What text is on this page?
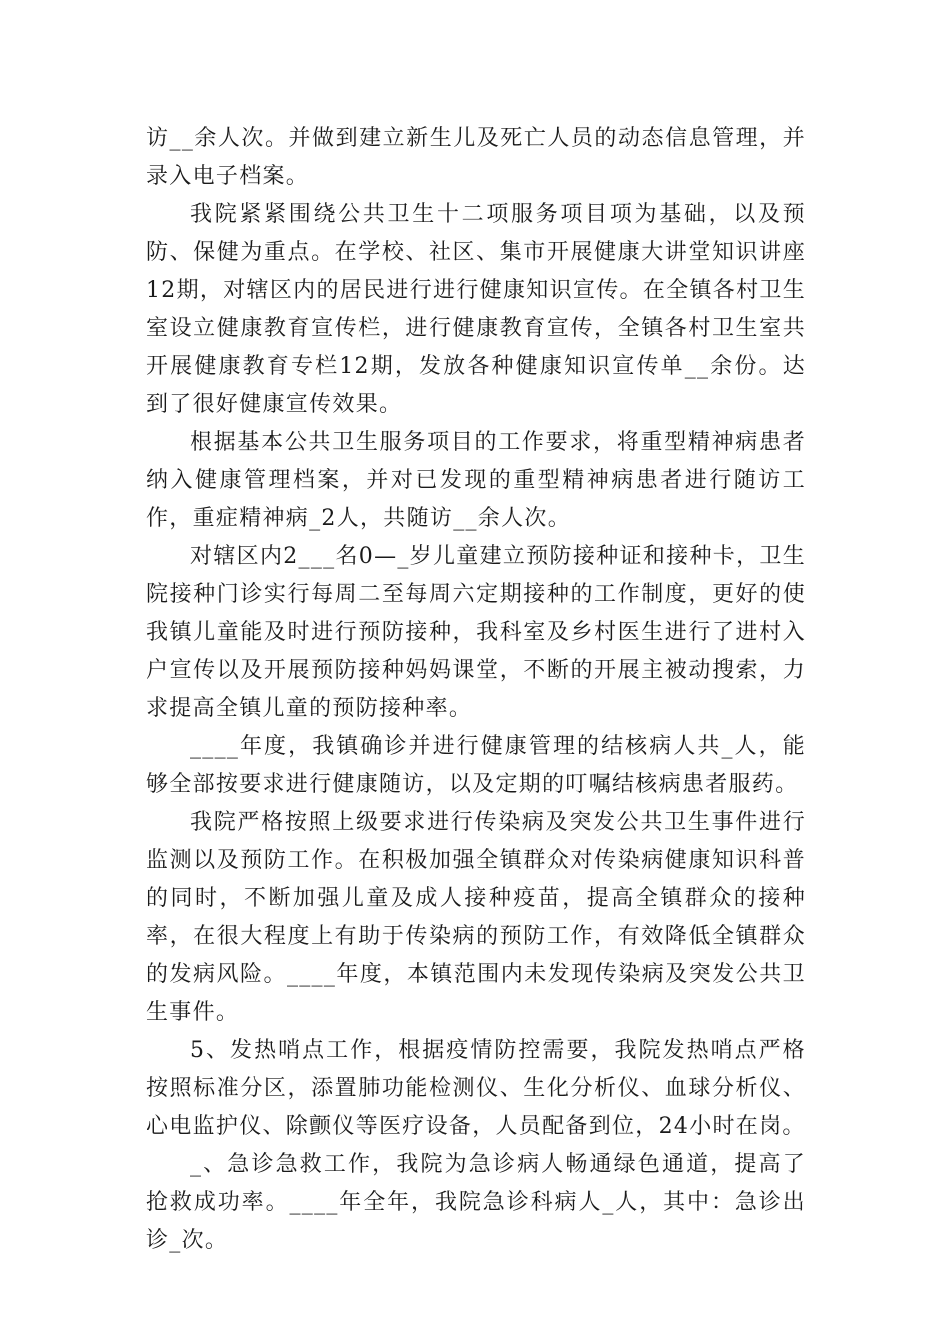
访__余人次。并做到建立新生儿及死亡人员的动态信息管理，并录入电子档案。

我院紧紧围绕公共卫生十二项服务项目项为基础，以及预防、保健为重点。在学校、社区、集市开展健康大讲堂知识讲座12期，对辖区内的居民进行进行健康知识宣传。在全镇各村卫生室设立健康教育宣传栏，进行健康教育宣传，全镇各村卫生室共开展健康教育专栏12期，发放各种健康知识宣传单__余份。达到了很好健康宣传效果。

根据基本公共卫生服务项目的工作要求，将重型精神病患者纳入健康管理档案，并对已发现的重型精神病患者进行随访工作，重症精神病_2人，共随访__余人次。

对辖区内2___名0—_岁儿童建立预防接种证和接种卡，卫生院接种门诊实行每周二至每周六定期接种的工作制度，更好的使我镇儿童能及时进行预防接种，我科室及乡村医生进行了进村入户宣传以及开展预防接种妈妈课堂，不断的开展主被动搜索，力求提高全镇儿童的预防接种率。

____年度，我镇确诊并进行健康管理的结核病人共_人，能够全部按要求进行健康随访，以及定期的叮嘱结核病患者服药。

我院严格按照上级要求进行传染病及突发公共卫生事件进行监测以及预防工作。在积极加强全镇群众对传染病健康知识科普的同时，不断加强儿童及成人接种疫苗，提高全镇群众的接种率，在很大程度上有助于传染病的预防工作，有效降低全镇群众的发病风险。____年度，本镇范围内未发现传染病及突发公共卫生事件。

5、发热哨点工作，根据疫情防控需要，我院发热哨点严格按照标准分区，添置肺功能检测仪、生化分析仪、血球分析仪、心电监护仪、除颤仪等医疗设备，人员配备到位，24小时在岗。

_、急诊急救工作，我院为急诊病人畅通绿色通道，提高了抢救成功率。____年全年，我院急诊科病人_人，其中：急诊出诊_次。
